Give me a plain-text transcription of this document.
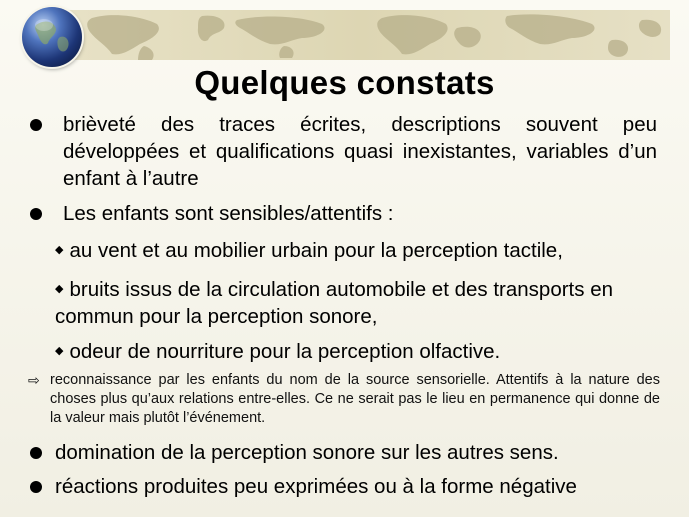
Quelques constats
brièveté des traces écrites, descriptions souvent peu développées et qualifications quasi inexistantes, variables d’un enfant à l’autre
Les enfants sont sensibles/attentifs :
◆ au vent et au mobilier urbain pour la perception tactile,
◆ bruits issus de la circulation automobile et des transports en commun pour la perception sonore,
◆ odeur de nourriture pour la perception olfactive.
⇨ reconnaissance par les enfants du nom de la source sensorielle. Attentifs à la nature des choses plus qu’aux relations entre-elles. Ce ne serait pas le lieu en permanence qui donne de la valeur mais plutôt l’événement.
domination de la perception sonore sur les autres sens.
réactions produites peu exprimées ou à la forme négative
